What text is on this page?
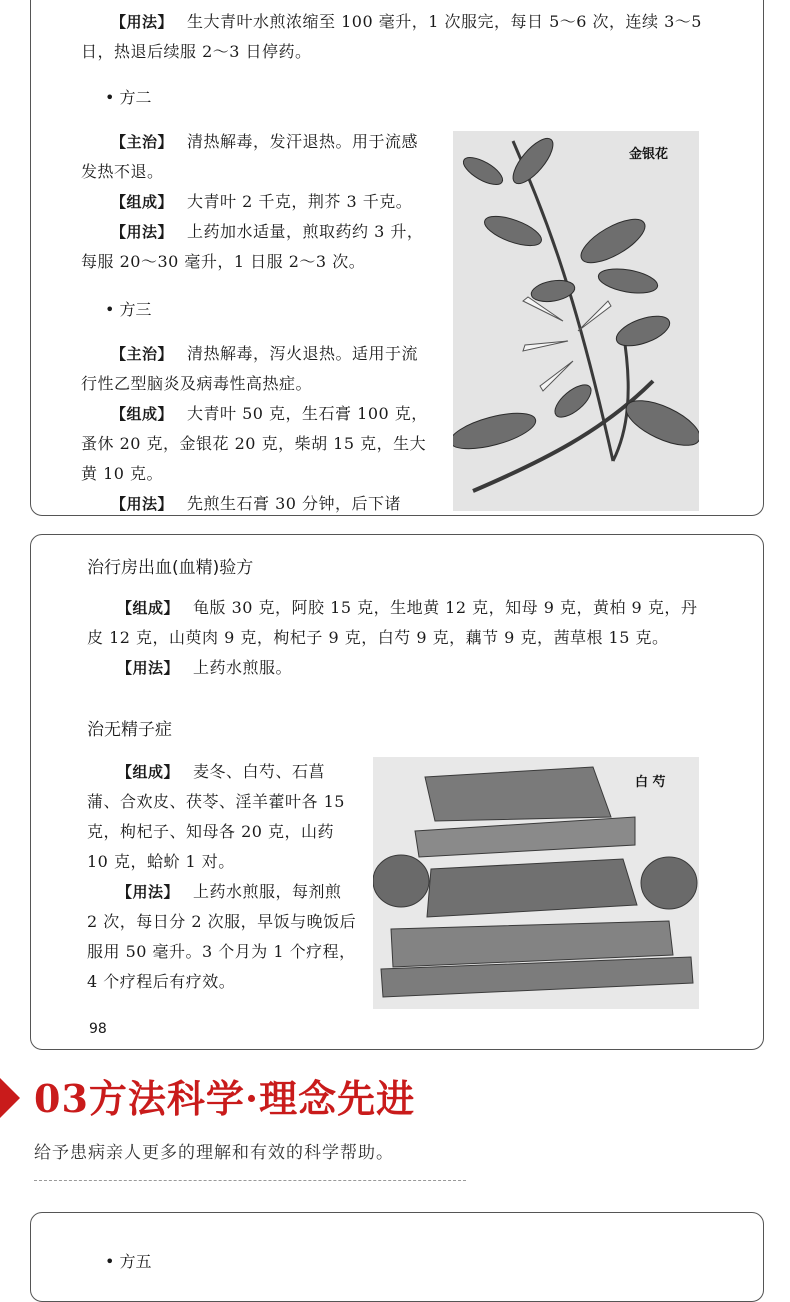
【用法】 生大青叶水煎浓缩至 100 毫升，1 次服完，每日 5～6 次，连续 3～5 日，热退后续服 2～3 日停药。

• 方二

【主治】 清热解毒，发汗退热。用于流感发热不退。

【组成】 大青叶 2 千克，荆芥 3 千克。

【用法】 上药加水适量，煎取药约 3 升，每服 20～30 毫升，1 日服 2～3 次。

• 方三

【主治】 清热解毒，泻火退热。适用于流行性乙型脑炎及病毒性高热症。

【组成】 大青叶 50 克，生石膏 100 克，蚤休 20 克，金银花 20 克，柴胡 15 克，生大黄 10 克。

【用法】 先煎生石膏 30 分钟，后下诸

金银花
治行房出血(血精)验方

【组成】 龟版 30 克，阿胶 15 克，生地黄 12 克，知母 9 克，黄柏 9 克，丹皮 12 克，山萸肉 9 克，枸杞子 9 克，白芍 9 克，藕节 9 克，茜草根 15 克。

【用法】 上药水煎服。

治无精子症

【组成】 麦冬、白芍、石菖蒲、合欢皮、茯苓、淫羊藿叶各 15 克，枸杞子、知母各 20 克，山药 10 克，蛤蚧 1 对。

【用法】 上药水煎服，每剂煎 2 次，每日分 2 次服，早饭与晚饭后服用 50 毫升。3 个月为 1 个疗程，4 个疗程后有疗效。

白 芍
98
03方法科学·理念先进
给予患病亲人更多的理解和有效的科学帮助。
• 方五
